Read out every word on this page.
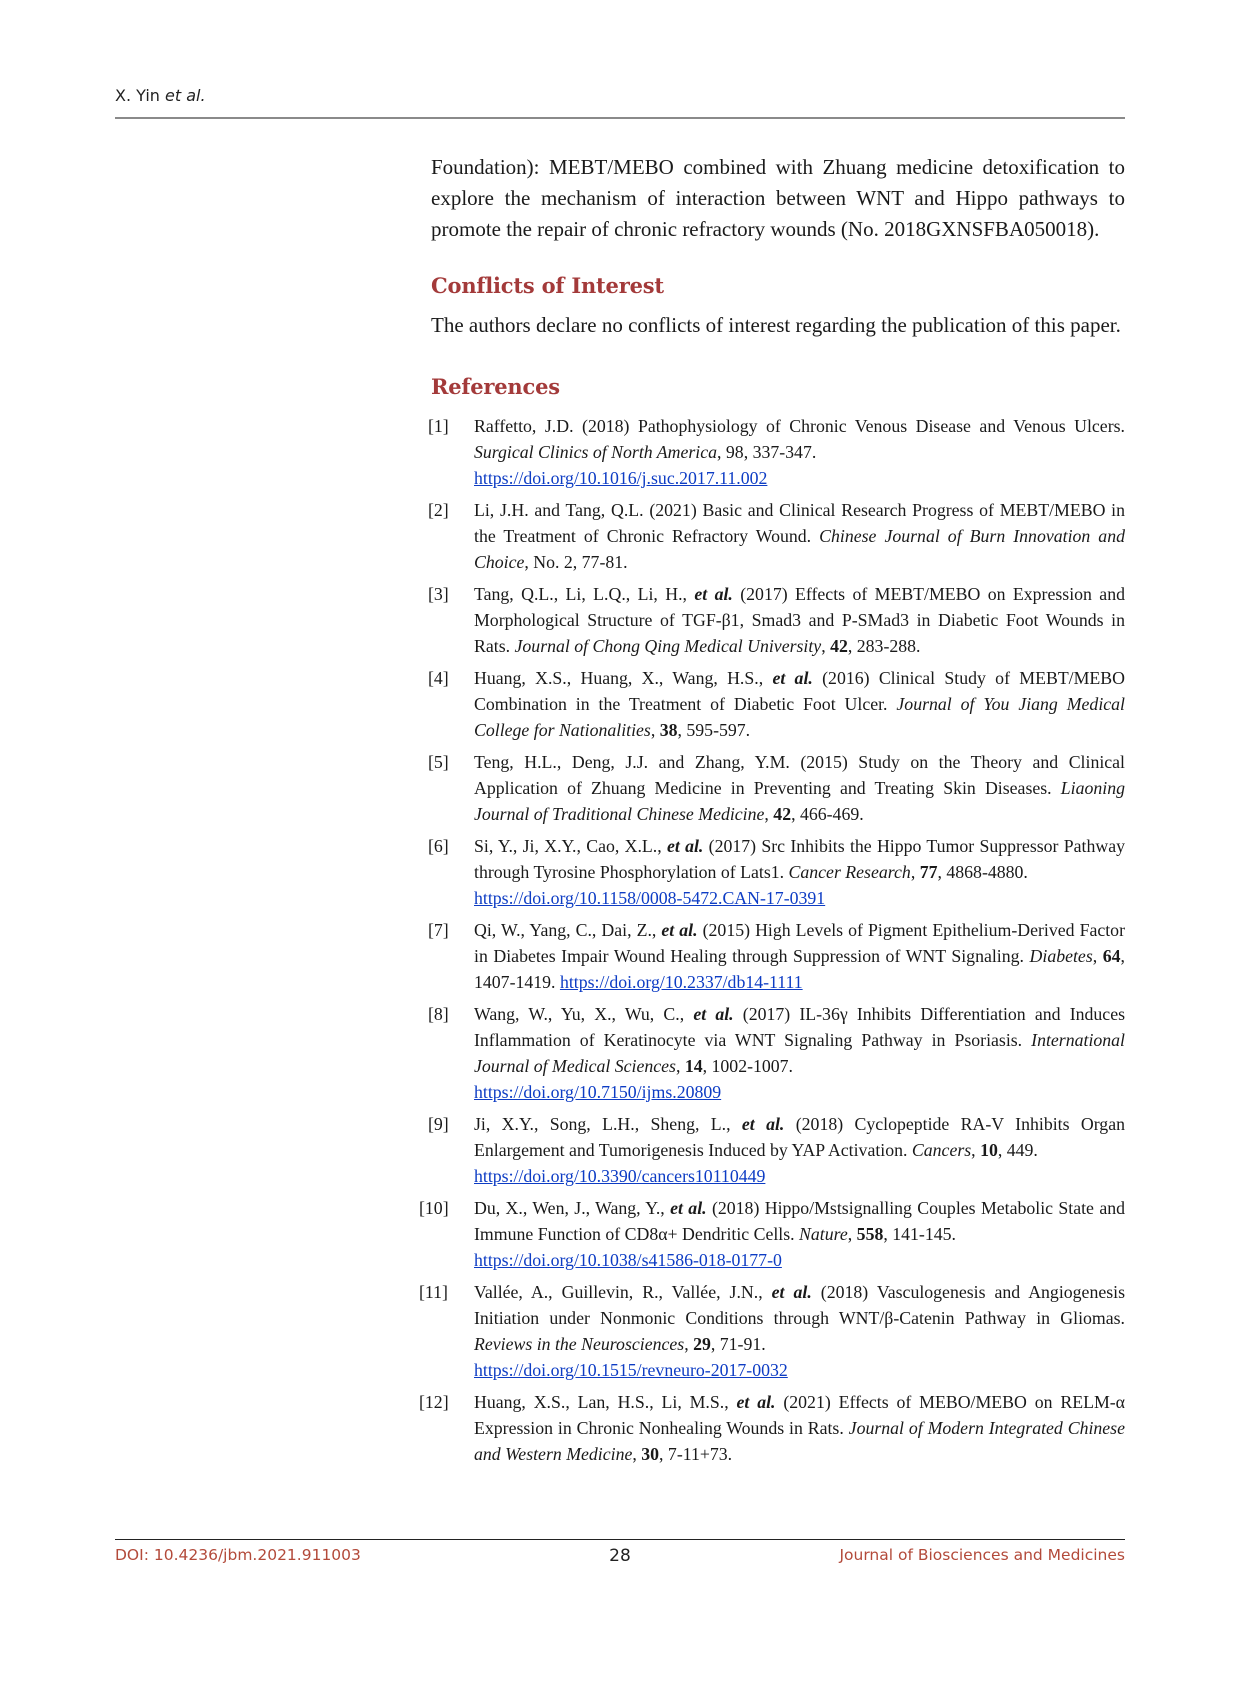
X. Yin et al.

Foundation): MEBT/MEBO combined with Zhuang medicine detoxification to explore the mechanism of interaction between WNT and Hippo pathways to promote the repair of chronic refractory wounds (No. 2018GXNSFBA050018).

Conflicts of Interest

The authors declare no conflicts of interest regarding the publication of this paper.

References
[1]	Raffetto, J.D. (2018) Pathophysiology of Chronic Venous Disease and Venous Ulcers. Surgical Clinics of North America, 98, 337-347.
https://doi.org/10.1016/j.suc.2017.11.002
[2]	Li, J.H. and Tang, Q.L. (2021) Basic and Clinical Research Progress of MEBT/MEBO in the Treatment of Chronic Refractory Wound. Chinese Journal of Burn Innovation and Choice, No. 2, 77-81.
[3]	Tang, Q.L., Li, L.Q., Li, H., et al. (2017) Effects of MEBT/MEBO on Expression and Morphological Structure of TGF-β1, Smad3 and P-SMad3 in Diabetic Foot Wounds in Rats. Journal of Chong Qing Medical University, 42, 283-288.
[4]	Huang, X.S., Huang, X., Wang, H.S., et al. (2016) Clinical Study of MEBT/MEBO Combination in the Treatment of Diabetic Foot Ulcer. Journal of You Jiang Medical College for Nationalities, 38, 595-597.
[5]	Teng, H.L., Deng, J.J. and Zhang, Y.M. (2015) Study on the Theory and Clinical Application of Zhuang Medicine in Preventing and Treating Skin Diseases. Liaoning Journal of Traditional Chinese Medicine, 42, 466-469.
[6]	Si, Y., Ji, X.Y., Cao, X.L., et al. (2017) Src Inhibits the Hippo Tumor Suppressor Pathway through Tyrosine Phosphorylation of Lats1. Cancer Research, 77, 4868-4880.
https://doi.org/10.1158/0008-5472.CAN-17-0391
[7]	Qi, W., Yang, C., Dai, Z., et al. (2015) High Levels of Pigment Epithelium-Derived Factor in Diabetes Impair Wound Healing through Suppression of WNT Signaling. Diabetes, 64, 1407-1419. https://doi.org/10.2337/db14-1111
[8]	Wang, W., Yu, X., Wu, C., et al. (2017) IL-36γ Inhibits Differentiation and Induces Inflammation of Keratinocyte via WNT Signaling Pathway in Psoriasis. International Journal of Medical Sciences, 14, 1002-1007.
https://doi.org/10.7150/ijms.20809
[9]	Ji, X.Y., Song, L.H., Sheng, L., et al. (2018) Cyclopeptide RA-V Inhibits Organ Enlargement and Tumorigenesis Induced by YAP Activation. Cancers, 10, 449.
https://doi.org/10.3390/cancers10110449
[10]	Du, X., Wen, J., Wang, Y., et al. (2018) Hippo/Mstsignalling Couples Metabolic State and Immune Function of CD8α+ Dendritic Cells. Nature, 558, 141-145.
https://doi.org/10.1038/s41586-018-0177-0
[11]	Vallée, A., Guillevin, R., Vallée, J.N., et al. (2018) Vasculogenesis and Angiogenesis Initiation under Nonmonic Conditions through WNT/β-Catenin Pathway in Gliomas. Reviews in the Neurosciences, 29, 71-91.
https://doi.org/10.1515/revneuro-2017-0032
[12]	Huang, X.S., Lan, H.S., Li, M.S., et al. (2021) Effects of MEBO/MEBO on RELM-α Expression in Chronic Nonhealing Wounds in Rats. Journal of Modern Integrated Chinese and Western Medicine, 30, 7-11+73.
DOI: 10.4236/jbm.2021.911003	28	Journal of Biosciences and Medicines
